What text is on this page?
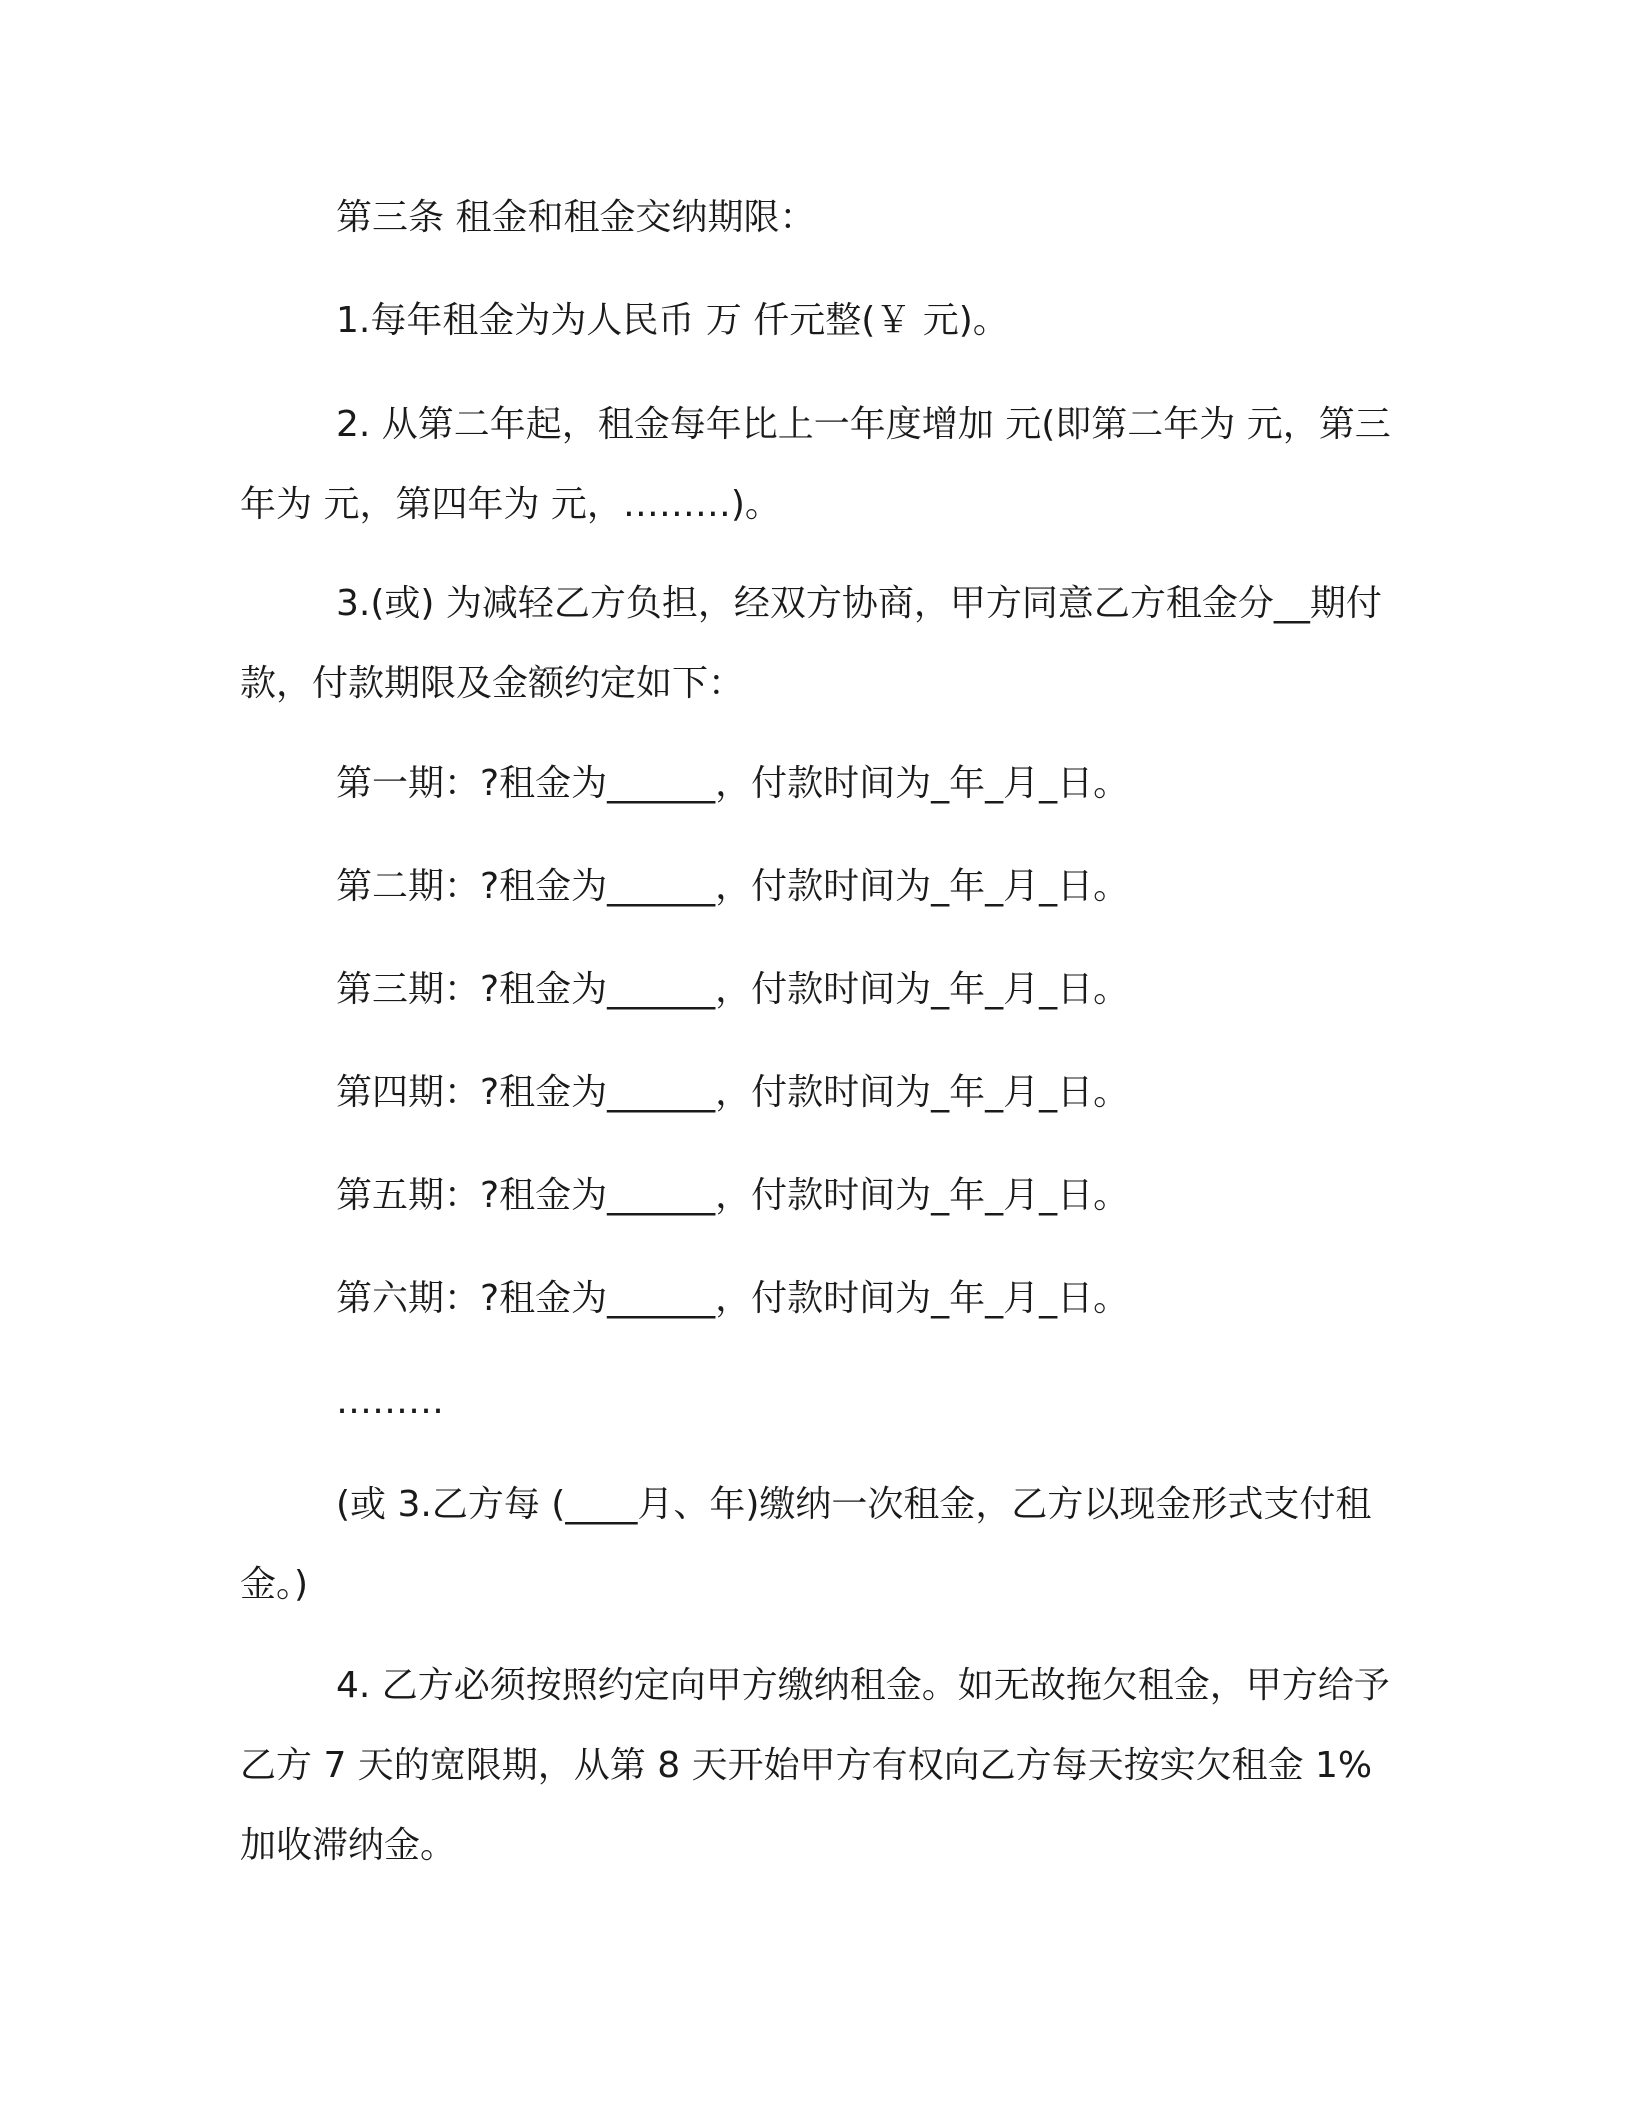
第三条 租金和租金交纳期限：

1.每年租金为为人民币 万 仟元整(￥ 元)。

2. 从第二年起，租金每年比上一年度增加 元(即第二年为 元，第三年为 元，第四年为 元，………)。

3.(或) 为减轻乙方负担，经双方协商，甲方同意乙方租金分__期付款，付款期限及金额约定如下：

第一期：?租金为______，付款时间为_年_月_日。

第二期：?租金为______，付款时间为_年_月_日。

第三期：?租金为______，付款时间为_年_月_日。

第四期：?租金为______，付款时间为_年_月_日。

第五期：?租金为______，付款时间为_年_月_日。

第六期：?租金为______，付款时间为_年_月_日。

………

(或 3.乙方每 (____月、年)缴纳一次租金，乙方以现金形式支付租金。)

4. 乙方必须按照约定向甲方缴纳租金。如无故拖欠租金，甲方给予乙方 7 天的宽限期，从第 8 天开始甲方有权向乙方每天按实欠租金 1%加收滞纳金。
